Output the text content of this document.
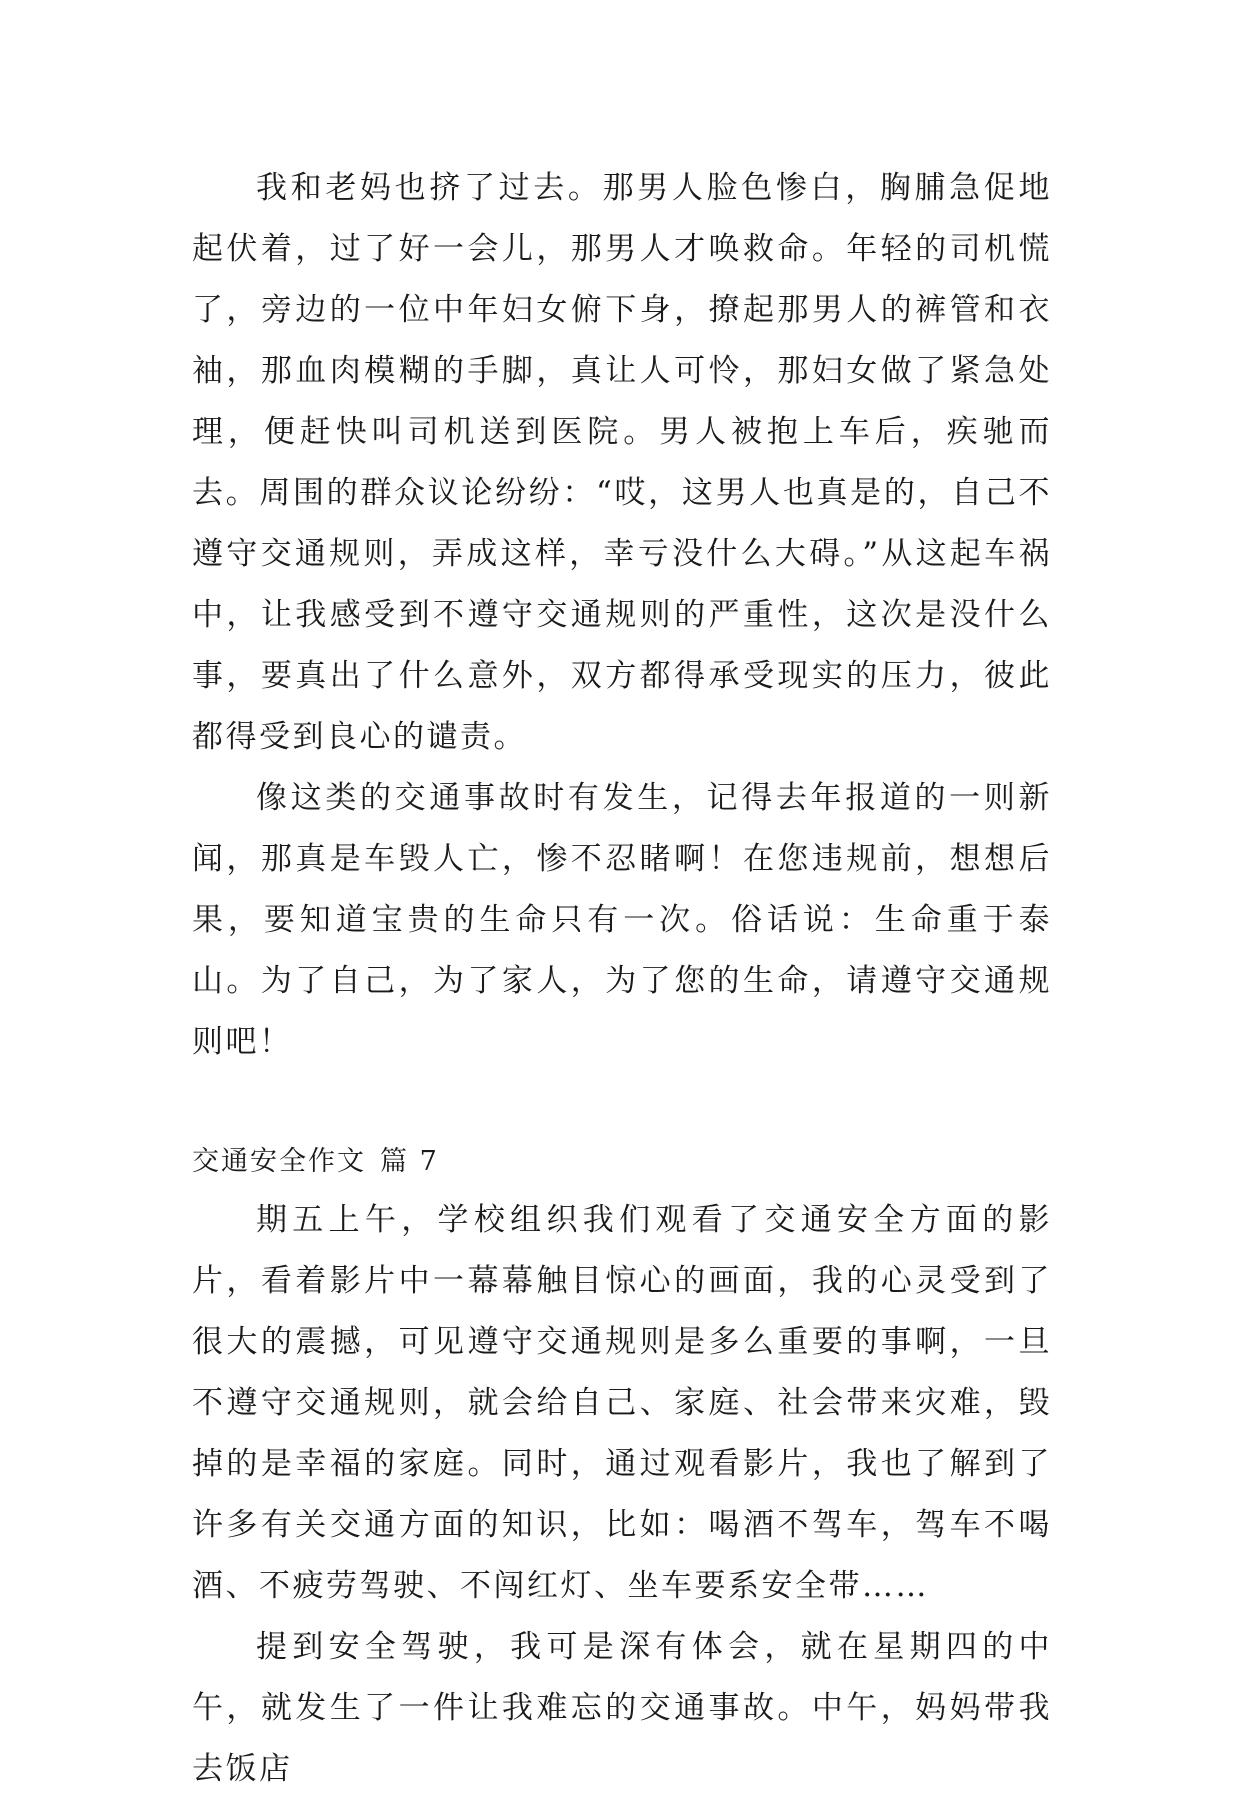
我和老妈也挤了过去。那男人脸色惨白，胸脯急促地起伏着，过了好一会儿，那男人才唤救命。年轻的司机慌了，旁边的一位中年妇女俯下身，撩起那男人的裤管和衣袖，那血肉模糊的手脚，真让人可怜，那妇女做了紧急处理，便赶快叫司机送到医院。男人被抱上车后，疾驰而去。周围的群众议论纷纷：“哎，这男人也真是的，自己不遵守交通规则，弄成这样，幸亏没什么大碍。”从这起车祸中，让我感受到不遵守交通规则的严重性，这次是没什么事，要真出了什么意外，双方都得承受现实的压力，彼此都得受到良心的谴责。

像这类的交通事故时有发生，记得去年报道的一则新闻，那真是车毁人亡，惨不忍睹啊！在您违规前，想想后果，要知道宝贵的生命只有一次。俗话说：生命重于泰山。为了自己，为了家人，为了您的生命，请遵守交通规则吧！

交通安全作文 篇 7

期五上午，学校组织我们观看了交通安全方面的影片，看着影片中一幕幕触目惊心的画面，我的心灵受到了很大的震撼，可见遵守交通规则是多么重要的事啊，一旦不遵守交通规则，就会给自己、家庭、社会带来灾难，毁掉的是幸福的家庭。同时，通过观看影片，我也了解到了许多有关交通方面的知识，比如：喝酒不驾车，驾车不喝酒、不疲劳驾驶、不闯红灯、坐车要系安全带……

提到安全驾驶，我可是深有体会，就在星期四的中午，就发生了一件让我难忘的交通事故。中午，妈妈带我去饭店
